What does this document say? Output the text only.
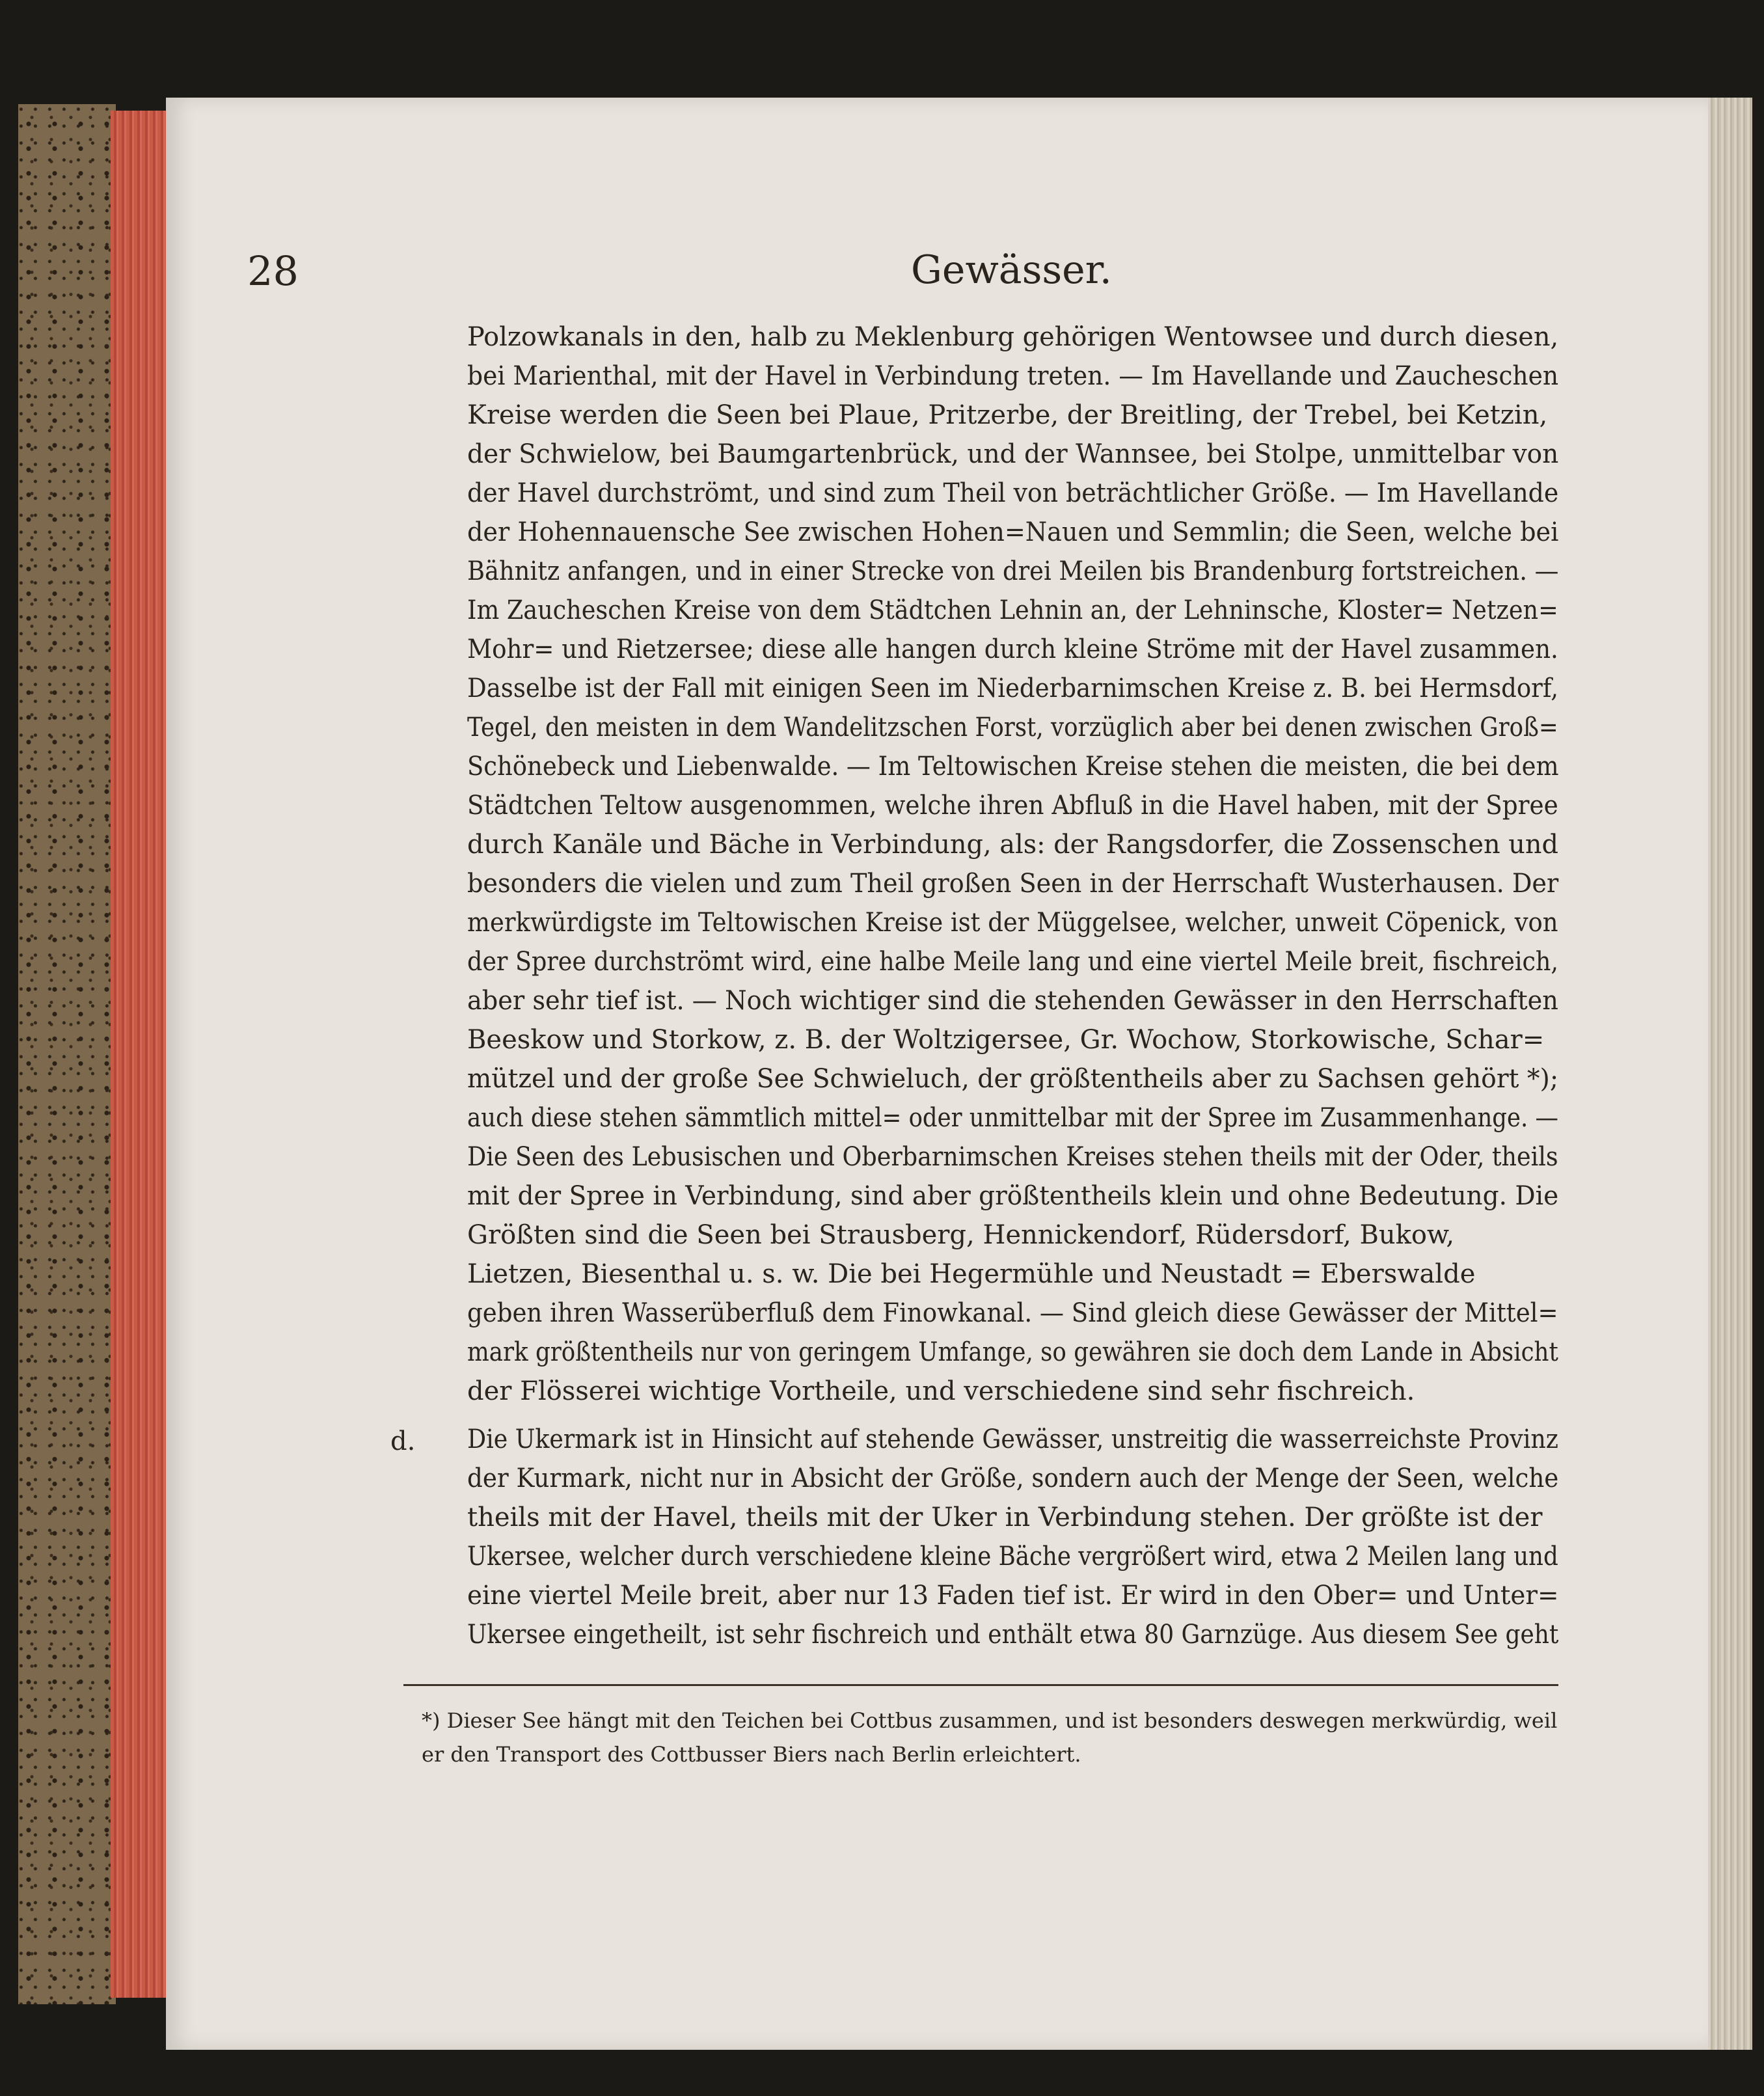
28	Gewässer.
Polzowkanals in den, halb zu Meklenburg gehörigen Wentowsee und durch diesen,
bei Marienthal, mit der Havel in Verbindung treten. — Im Havellande und Zaucheschen
Kreise werden die Seen bei Plaue, Pritzerbe, der Breitling, der Trebel, bei Ketzin,
der Schwielow, bei Baumgartenbrück, und der Wannsee, bei Stolpe, unmittelbar von
der Havel durchströmt, und sind zum Theil von beträchtlicher Größe. — Im Havellande
der Hohennauensche See zwischen Hohen=Nauen und Semmlin; die Seen, welche bei
Bähnitz anfangen, und in einer Strecke von drei Meilen bis Brandenburg fortstreichen. —
Im Zaucheschen Kreise von dem Städtchen Lehnin an, der Lehninsche, Kloster= Netzen=
Mohr= und Rietzersee; diese alle hangen durch kleine Ströme mit der Havel zusammen.
Dasselbe ist der Fall mit einigen Seen im Niederbarnimschen Kreise z. B. bei Hermsdorf,
Tegel, den meisten in dem Wandelitzschen Forst, vorzüglich aber bei denen zwischen Groß=
Schönebeck und Liebenwalde. — Im Teltowischen Kreise stehen die meisten, die bei dem
Städtchen Teltow ausgenommen, welche ihren Abfluß in die Havel haben, mit der Spree
durch Kanäle und Bäche in Verbindung, als: der Rangsdorfer, die Zossenschen und
besonders die vielen und zum Theil großen Seen in der Herrschaft Wusterhausen. Der
merkwürdigste im Teltowischen Kreise ist der Müggelsee, welcher, unweit Cöpenick, von
der Spree durchströmt wird, eine halbe Meile lang und eine viertel Meile breit, fischreich,
aber sehr tief ist. — Noch wichtiger sind die stehenden Gewässer in den Herrschaften
Beeskow und Storkow, z. B. der Woltzigersee, Gr. Wochow, Storkowische, Schar=
mützel und der große See Schwieluch, der größtentheils aber zu Sachsen gehört *);
auch diese stehen sämmtlich mittel= oder unmittelbar mit der Spree im Zusammenhange. —
Die Seen des Lebusischen und Oberbarnimschen Kreises stehen theils mit der Oder, theils
mit der Spree in Verbindung, sind aber größtentheils klein und ohne Bedeutung. Die
Größten sind die Seen bei Strausberg, Hennickendorf, Rüdersdorf, Bukow,
Lietzen, Biesenthal u. s. w. Die bei Hegermühle und Neustadt = Eberswalde
geben ihren Wasserüberfluß dem Finowkanal. — Sind gleich diese Gewässer der Mittel=
mark größtentheils nur von geringem Umfange, so gewähren sie doch dem Lande in Absicht
der Flösserei wichtige Vortheile, und verschiedene sind sehr fischreich.
d. Die Ukermark ist in Hinsicht auf stehende Gewässer, unstreitig die wasserreichste Provinz
der Kurmark, nicht nur in Absicht der Größe, sondern auch der Menge der Seen, welche
theils mit der Havel, theils mit der Uker in Verbindung stehen. Der größte ist der
Ukersee, welcher durch verschiedene kleine Bäche vergrößert wird, etwa 2 Meilen lang und
eine viertel Meile breit, aber nur 13 Faden tief ist. Er wird in den Ober= und Unter=
Ukersee eingetheilt, ist sehr fischreich und enthält etwa 80 Garnzüge. Aus diesem See geht
*) Dieser See hängt mit den Teichen bei Cottbus zusammen, und ist besonders deswegen merkwürdig, weil
er den Transport des Cottbusser Biers nach Berlin erleichtert.
